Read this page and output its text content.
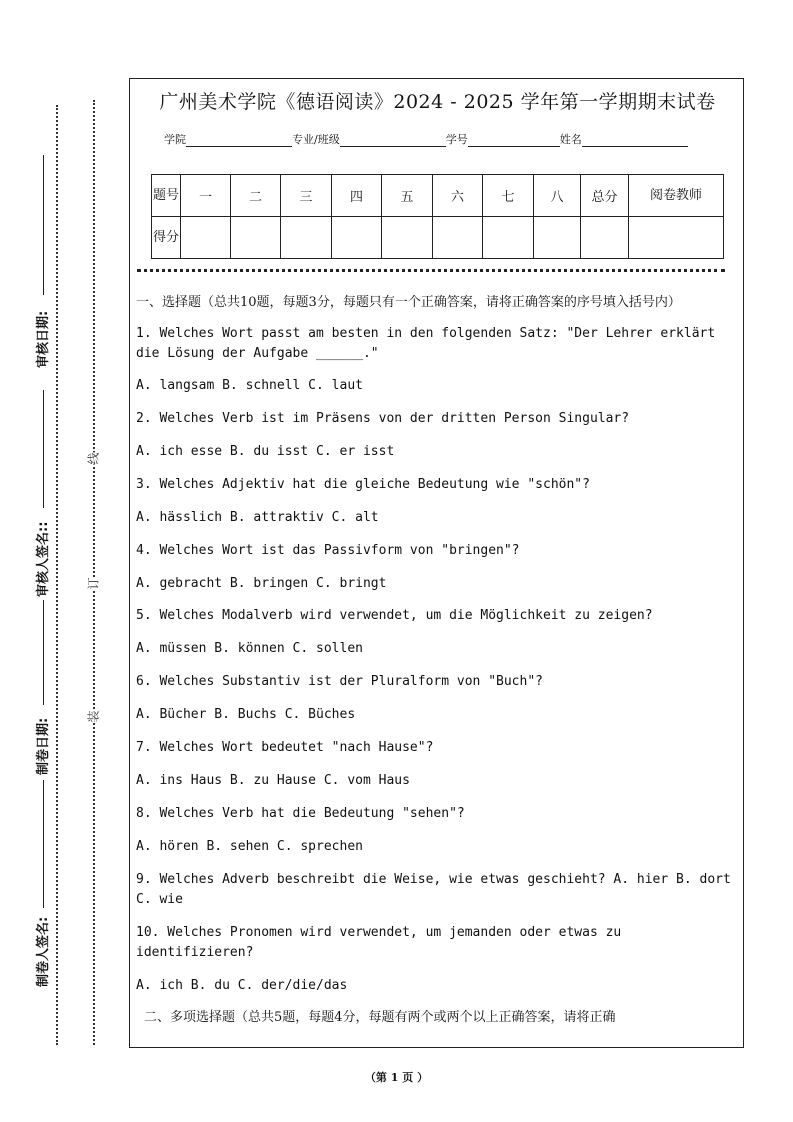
审核日期:
审核人签名::
制卷日期:
制卷人签名:
线
订
装
广州美术学院《德语阅读》2024 - 2025 学年第一学期期末试卷
学院	专业/班级	学号	姓名
题号	一	二	三	四	五	六	七	八	总分	阅卷教师
得分										

一、选择题（总共10题，每题3分，每题只有一个正确答案，请将正确答案的序号填入括号内）

1. Welches Wort passt am besten in den folgenden Satz: "Der Lehrer erklärt die Lösung der Aufgabe ______."

A. langsam B. schnell C. laut

2. Welches Verb ist im Präsens von der dritten Person Singular?

A. ich esse B. du isst C. er isst

3. Welches Adjektiv hat die gleiche Bedeutung wie "schön"?

A. hässlich B. attraktiv C. alt

4. Welches Wort ist das Passivform von "bringen"?

A. gebracht B. bringen C. bringt

5. Welches Modalverb wird verwendet, um die Möglichkeit zu zeigen?

A. müssen B. können C. sollen

6. Welches Substantiv ist der Pluralform von "Buch"?

A. Bücher B. Buchs C. Büches

7. Welches Wort bedeutet "nach Hause"?

A. ins Haus B. zu Hause C. vom Haus

8. Welches Verb hat die Bedeutung "sehen"?

A. hören B. sehen C. sprechen

9. Welches Adverb beschreibt die Weise, wie etwas geschieht? A. hier B. dort C. wie

10. Welches Pronomen wird verwendet, um jemanden oder etwas zu identifizieren?

A. ich B. du C. der/die/das

二、多项选择题（总共5题，每题4分，每题有两个或两个以上正确答案，请将正确

（第 1 页 ）
